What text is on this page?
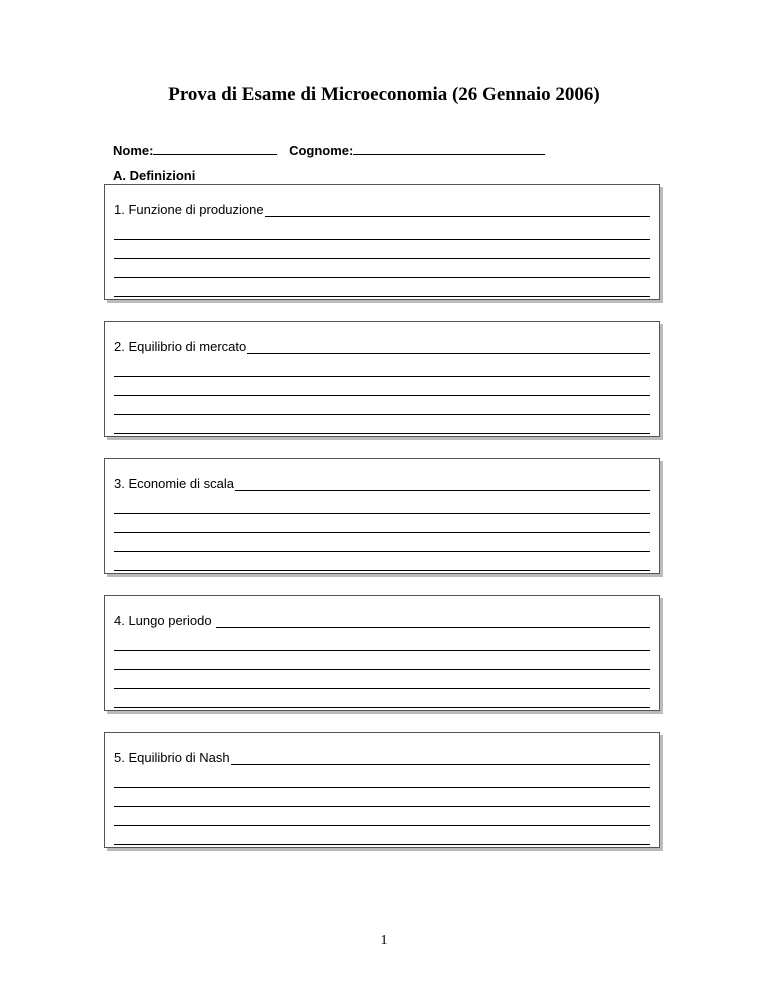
Prova di Esame di Microeconomia (26 Gennaio 2006)
Nome:	Cognome:
A. Definizioni
1. Funzione di produzione
2. Equilibrio di mercato
3. Economie di scala
4. Lungo periodo
5. Equilibrio di Nash
1
